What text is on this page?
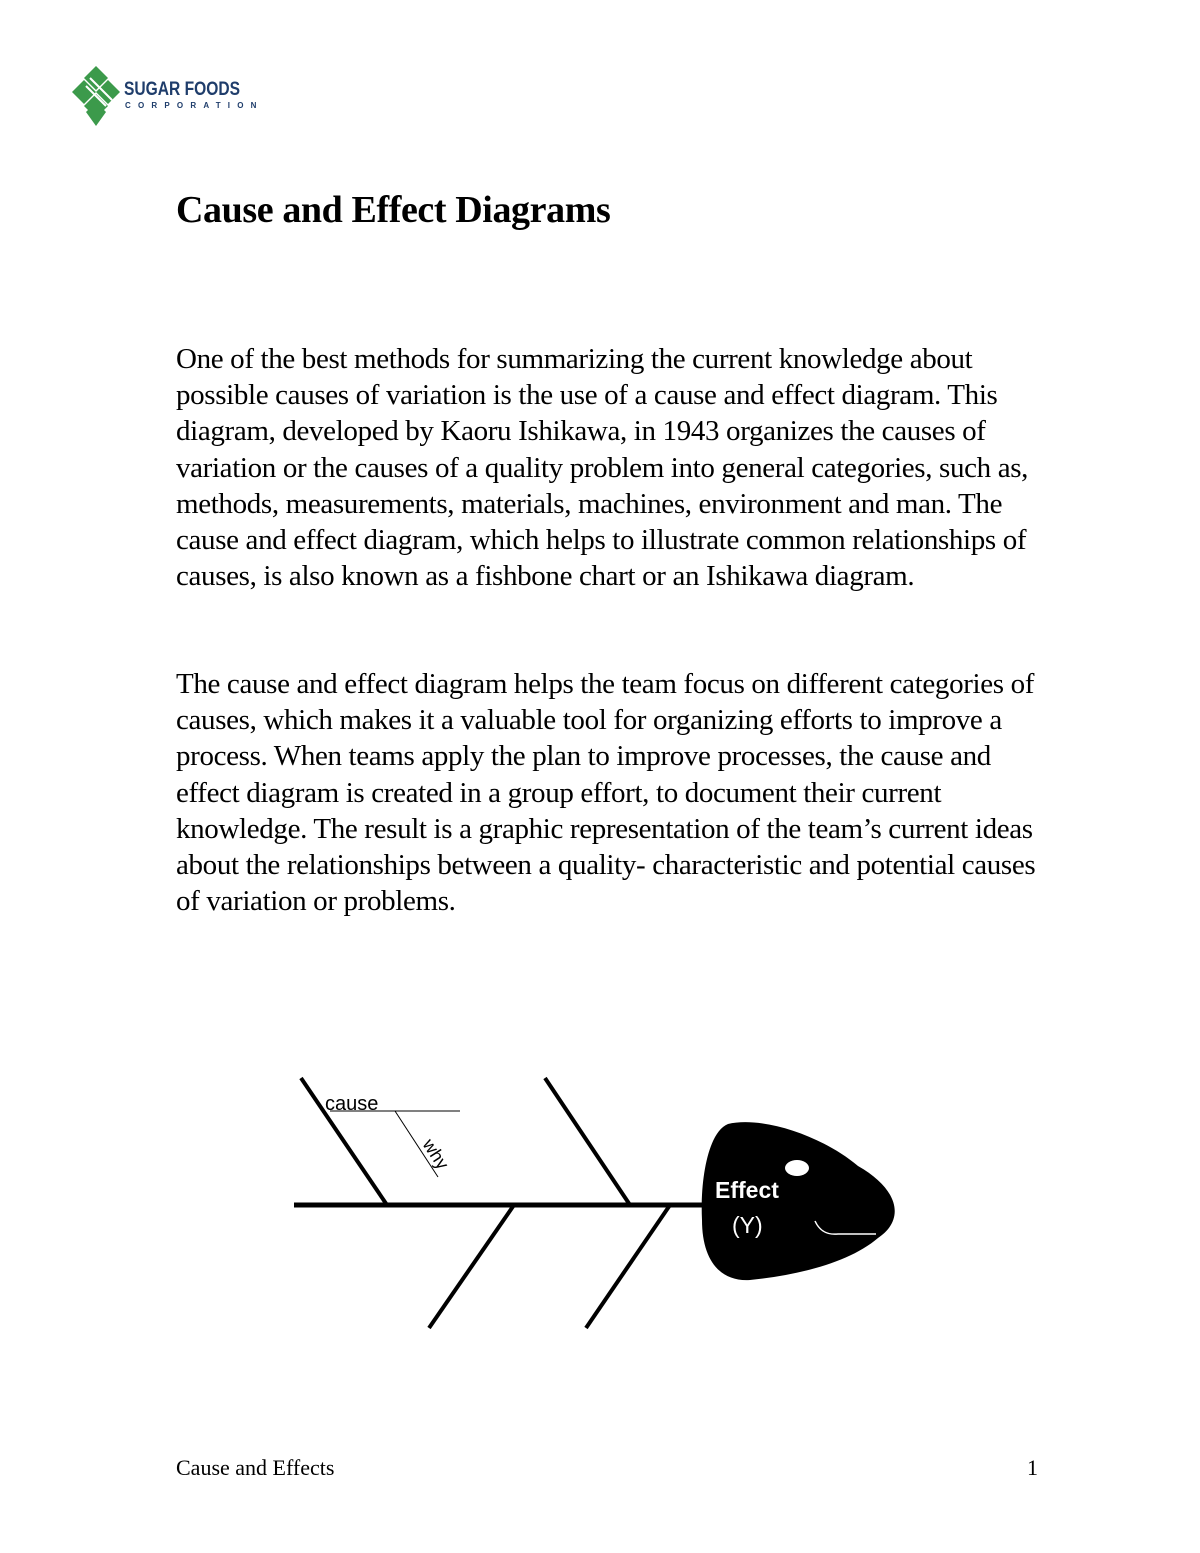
SUGAR FOODS
CORPORATION
Cause and Effect Diagrams

One of the best methods for summarizing the current knowledge about possible causes of variation is the use of a cause and effect diagram. This diagram, developed by Kaoru Ishikawa, in 1943 organizes the causes of variation or the causes of a quality problem into general categories, such as, methods, measurements, materials, machines, environment and man. The cause and effect diagram, which helps to illustrate common relationships of causes, is also known as a fishbone chart or an Ishikawa diagram.

The cause and effect diagram helps the team focus on different categories of causes, which makes it a valuable tool for organizing efforts to improve a process. When teams apply the plan to improve processes, the cause and effect diagram is created in a group effort, to document their current knowledge. The result is a graphic representation of the team’s current ideas about the relationships between a quality- characteristic and potential causes of variation or problems.

cause
why
Effect
(Y)
Cause and Effects	1
